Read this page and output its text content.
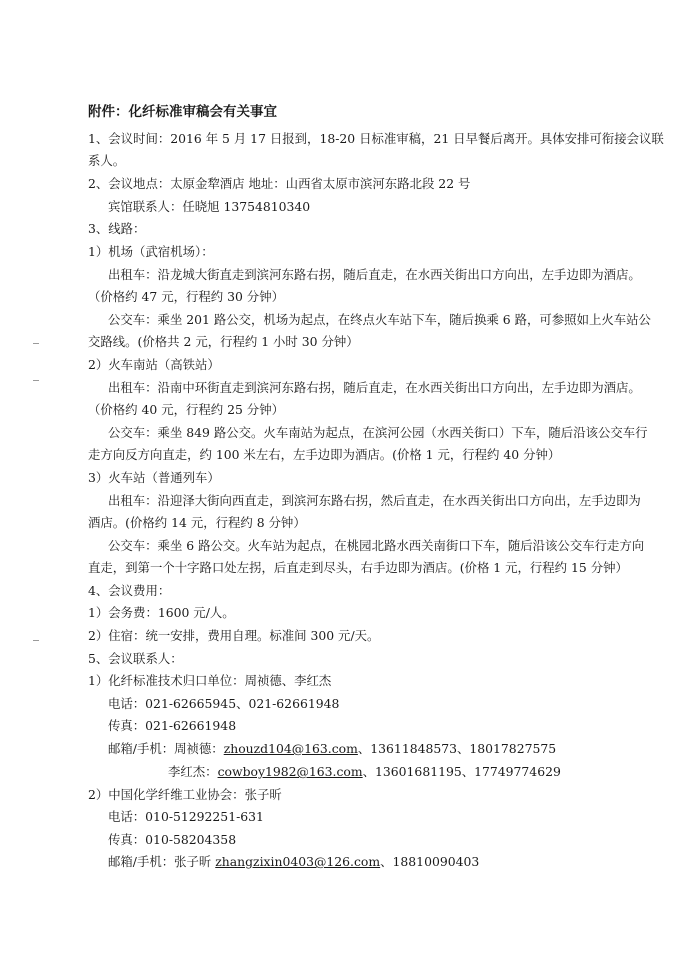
附件：化纤标准审稿会有关事宜
1、会议时间：2016 年 5 月 17 日报到，18-20 日标准审稿，21 日早餐后离开。具体安排可衔接会议联
系人。
2、会议地点：太原金犂酒店 地址：山西省太原市滨河东路北段 22 号
宾馆联系人：任晓旭 13754810340
3、线路：
1）机场（武宿机场）：
出租车：沿龙城大街直走到滨河东路右拐，随后直走，在水西关街出口方向出，左手边即为酒店。
（价格约 47 元，行程约 30 分钟）
公交车：乘坐 201 路公交，机场为起点，在终点火车站下车，随后换乘 6 路，可参照如上火车站公
交路线。(价格共 2 元，行程约 1 小时 30 分钟）
2）火车南站（高铁站）
出租车：沿南中环街直走到滨河东路右拐，随后直走，在水西关街出口方向出，左手边即为酒店。
（价格约 40 元，行程约 25 分钟）
公交车：乘坐 849 路公交。火车南站为起点，在滨河公园（水西关街口）下车，随后沿该公交车行
走方向反方向直走，约 100 米左右，左手边即为酒店。(价格 1 元，行程约 40 分钟）
3）火车站（普通列车）
出租车：沿迎泽大街向西直走，到滨河东路右拐，然后直走，在水西关街出口方向出，左手边即为
酒店。(价格约 14 元，行程约 8 分钟）
公交车：乘坐 6 路公交。火车站为起点，在桃园北路水西关南街口下车，随后沿该公交车行走方向
直走，到第一个十字路口处左拐，后直走到尽头，右手边即为酒店。(价格 1 元，行程约 15 分钟）
4、会议费用：
1）会务费：1600 元/人。
2）住宿：统一安排，费用自理。标准间 300 元/天。
5、会议联系人：
1）化纤标准技术归口单位：周祯德、李红杰
电话：021-62665945、021-62661948
传真：021-62661948
邮箱/手机：周祯德：zhouzd104@163.com、13611848573、18017827575
李红杰：cowboy1982@163.com、13601681195、17749774629
2）中国化学纤维工业协会：张子昕
电话：010-51292251-631
传真：010-58204358
邮箱/手机：张子昕 zhangzixin0403@126.com、18810090403
